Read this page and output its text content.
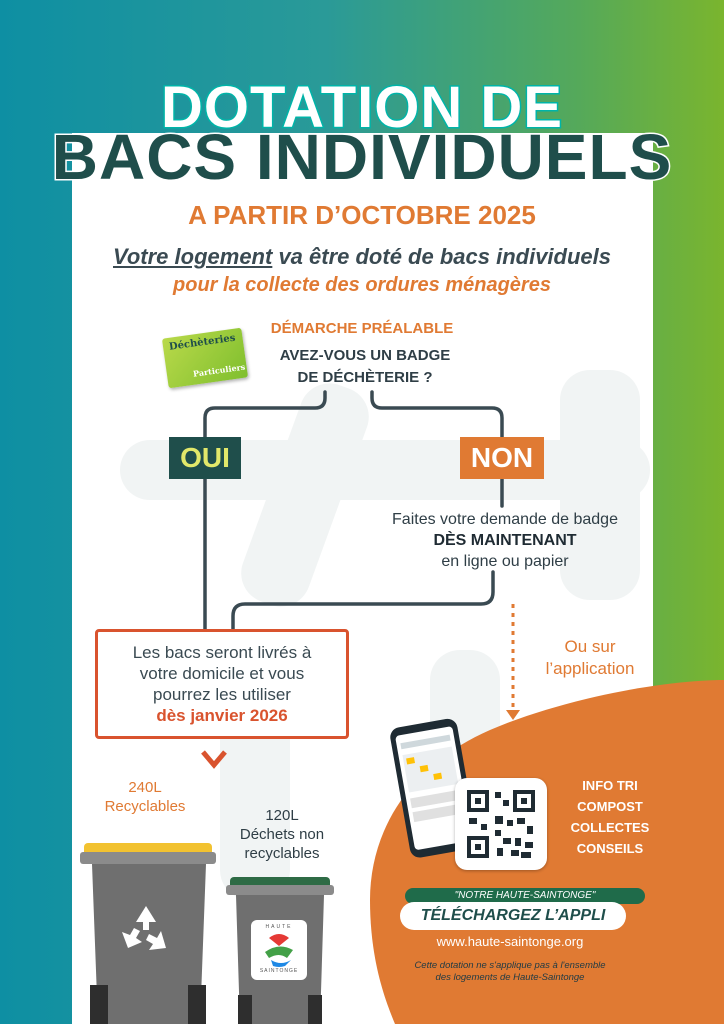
DOTATION DE
BACS INDIVIDUELS
A PARTIR D’OCTOBRE 2025
Votre logement va être doté de bacs individuels
pour la collecte des ordures ménagères
DÉMARCHE PRÉALABLE
Déchèteries
Particuliers
AVEZ-VOUS UN BADGE
DE DÉCHÈTERIE ?
OUI	NON
Faites votre demande de badge
DÈS MAINTENANT
en ligne ou papier
Les bacs seront livrés à
votre domicile et vous
pourrez les utiliser
dès janvier 2026
Ou sur
l’application
240L
Recyclables
120L
Déchets non
recyclables
HAUTE
SAINTONGE
INFO TRI
COMPOST
COLLECTES
CONSEILS
"NOTRE HAUTE-SAINTONGE"
TÉLÉCHARGEZ L’APPLI
www.haute-saintonge.org
Cette dotation ne s'applique pas à l'ensemble
des logements de Haute-Saintonge
